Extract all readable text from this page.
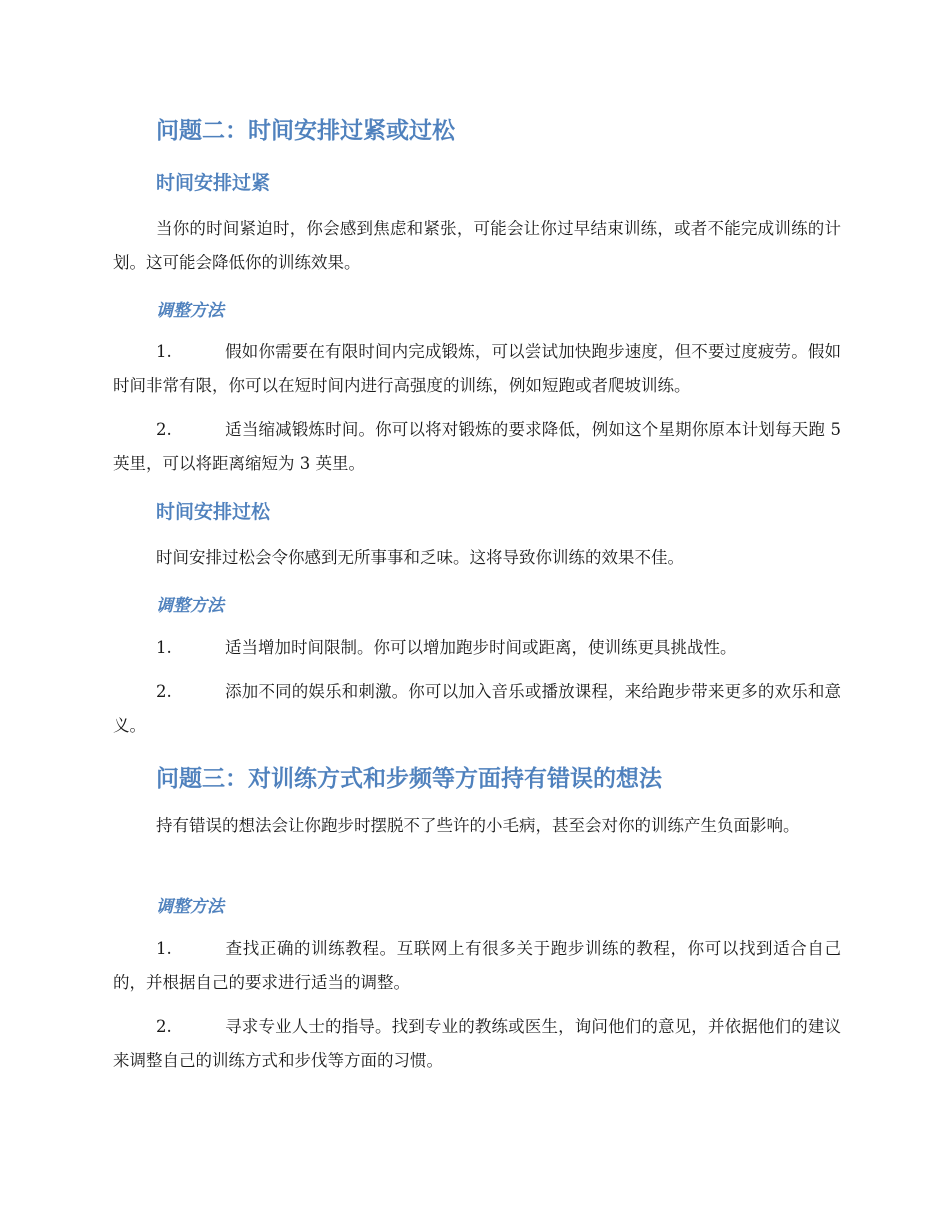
问题二：时间安排过紧或过松
时间安排过紧

当你的时间紧迫时，你会感到焦虑和紧张，可能会让你过早结束训练，或者不能完成训练的计划。这可能会降低你的训练效果。

调整方法

1.	假如你需要在有限时间内完成锻炼，可以尝试加快跑步速度，但不要过度疲劳。假如时间非常有限，你可以在短时间内进行高强度的训练，例如短跑或者爬坡训练。

2.	适当缩减锻炼时间。你可以将对锻炼的要求降低，例如这个星期你原本计划每天跑 5 英里，可以将距离缩短为 3 英里。

时间安排过松

时间安排过松会令你感到无所事事和乏味。这将导致你训练的效果不佳。

调整方法

1.	适当增加时间限制。你可以增加跑步时间或距离，使训练更具挑战性。

2.	添加不同的娱乐和刺激。你可以加入音乐或播放课程，来给跑步带来更多的欢乐和意义。

问题三：对训练方式和步频等方面持有错误的想法

持有错误的想法会让你跑步时摆脱不了些许的小毛病，甚至会对你的训练产生负面影响。

调整方法

1.	查找正确的训练教程。互联网上有很多关于跑步训练的教程，你可以找到适合自己的，并根据自己的要求进行适当的调整。

2.	寻求专业人士的指导。找到专业的教练或医生，询问他们的意见，并依据他们的建议来调整自己的训练方式和步伐等方面的习惯。
